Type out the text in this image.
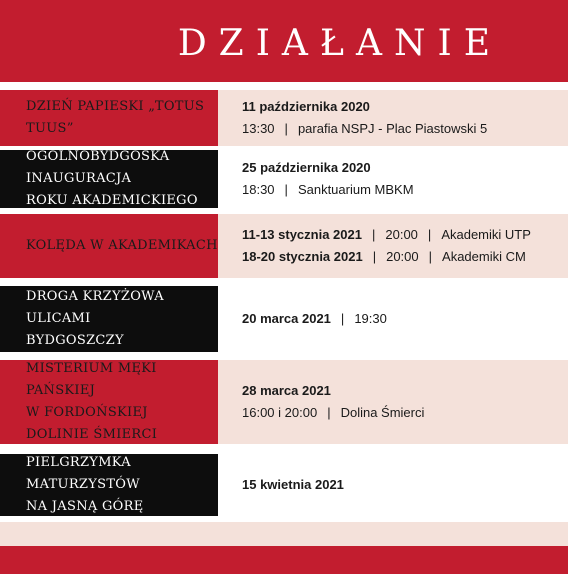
DZIAŁANIE
DZIEŃ PAPIESKI „TOTUS TUUS”
11 października 2020
13:30 | parafia NSPJ - Plac Piastowski 5
OGÓLNOBYDGOSKA INAUGURACJA
ROKU AKADEMICKIEGO
25 października 2020
18:30 | Sanktuarium MBKM
KOLĘDA W AKADEMIKACH
11-13 stycznia 2021 | 20:00 | Akademiki UTP
18-20 stycznia 2021 | 20:00 | Akademiki CM
DROGA KRZYŻOWA ULICAMI
BYDGOSZCZY
20 marca 2021 | 19:30
MISTERIUM MĘKI PAŃSKIEJ
W FORDOŃSKIEJ
DOLINIE ŚMIERCI
28 marca 2021
16:00 i 20:00 | Dolina Śmierci
PIELGRZYMKA MATURZYSTÓW
NA JASNĄ GÓRĘ
15 kwietnia 2021
